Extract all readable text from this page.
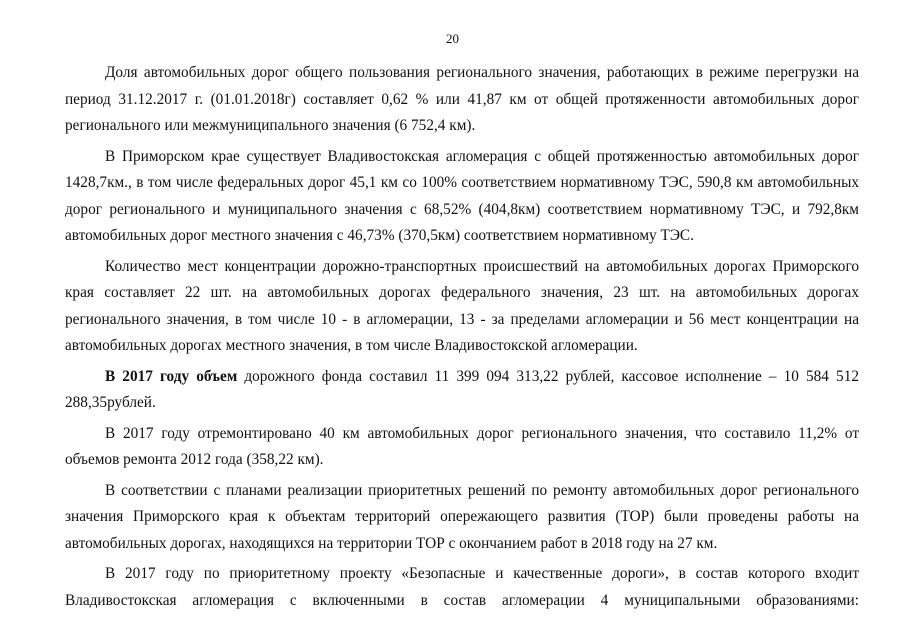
20

Доля автомобильных дорог общего пользования регионального значения, работающих в режиме перегрузки на период 31.12.2017 г. (01.01.2018г) составляет 0,62 % или 41,87 км от общей протяженности автомобильных дорог регионального или межмуниципального значения (6 752,4 км).

В Приморском крае существует Владивостокская агломерация с общей протяженностью автомобильных дорог 1428,7км., в том числе федеральных дорог 45,1 км со 100% соответствием нормативному ТЭС, 590,8 км автомобильных дорог регионального и муниципального значения с 68,52% (404,8км) соответствием нормативному ТЭС, и 792,8км автомобильных дорог местного значения с 46,73% (370,5км) соответствием нормативному ТЭС.

Количество мест концентрации дорожно-транспортных происшествий на автомобильных дорогах Приморского края составляет 22 шт. на автомобильных дорогах федерального значения, 23 шт. на автомобильных дорогах регионального значения, в том числе 10 - в агломерации, 13 - за пределами агломерации и 56 мест концентрации на автомобильных дорогах местного значения, в том числе Владивостокской агломерации.

В 2017 году объем дорожного фонда составил 11 399 094 313,22 рублей, кассовое исполнение – 10 584 512 288,35рублей.

В 2017 году отремонтировано 40 км автомобильных дорог регионального значения, что составило 11,2% от объемов ремонта 2012 года (358,22 км).

В соответствии с планами реализации приоритетных решений по ремонту автомобильных дорог регионального значения Приморского края к объектам территорий опережающего развития (ТОР) были проведены работы на автомобильных дорогах, находящихся на территории ТОР с окончанием работ в 2018 году на 27 км.

В 2017 году по приоритетному проекту «Безопасные и качественные дороги», в состав которого входит Владивостокская агломерация с включенными в состав агломерации 4 муниципальными образованиями:
